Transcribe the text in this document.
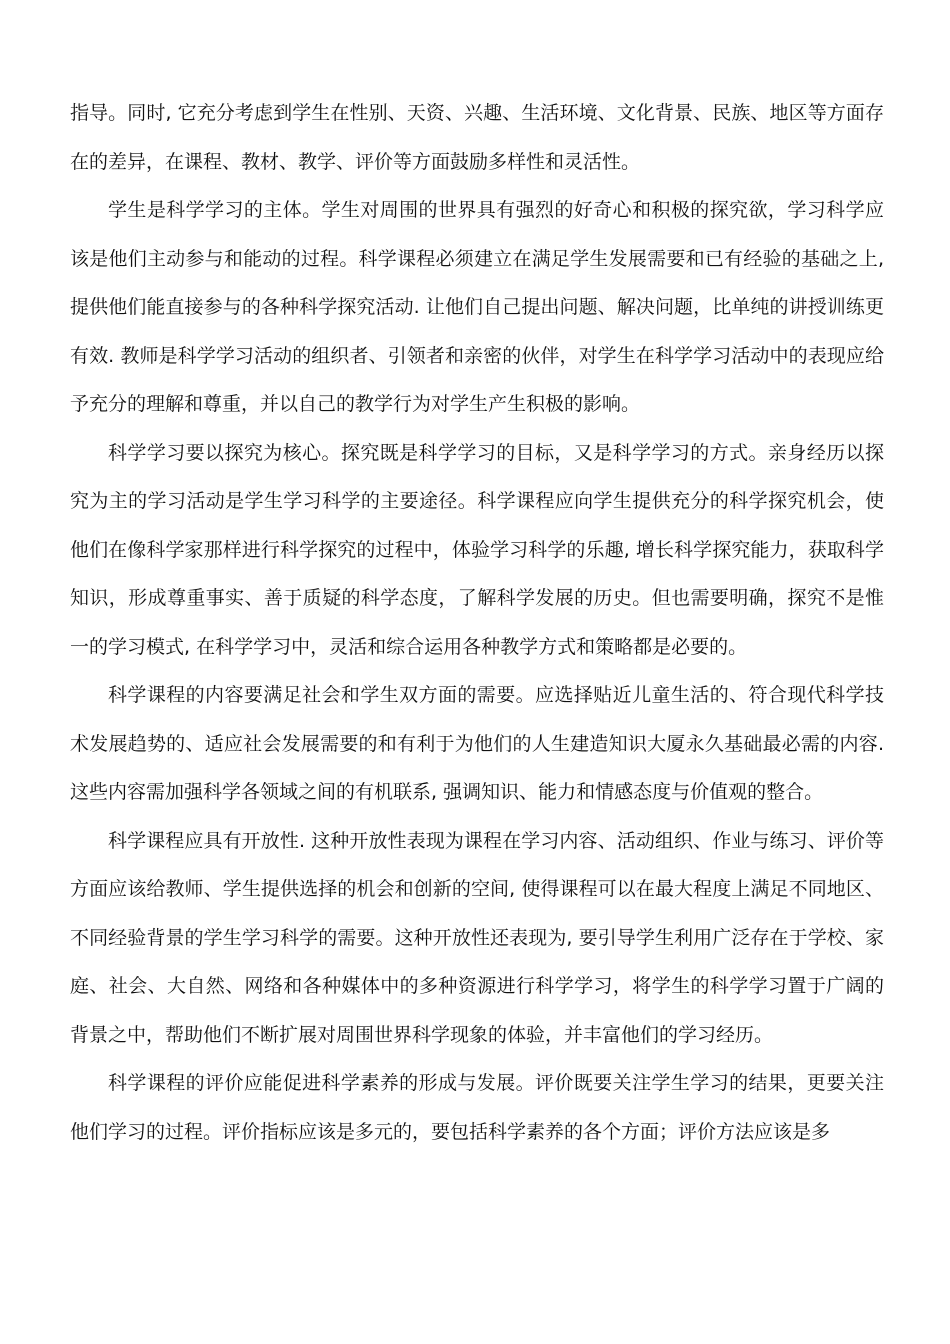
指导。同时, 它充分考虑到学生在性别、天资、兴趣、生活环境、文化背景、民族、地区等方面存在的差异，在课程、教材、教学、评价等方面鼓励多样性和灵活性。

学生是科学学习的主体。学生对周围的世界具有强烈的好奇心和积极的探究欲，学习科学应该是他们主动参与和能动的过程。科学课程必须建立在满足学生发展需要和已有经验的基础之上, 提供他们能直接参与的各种科学探究活动. 让他们自己提出问题、解决问题，比单纯的讲授训练更有效. 教师是科学学习活动的组织者、引领者和亲密的伙伴，对学生在科学学习活动中的表现应给予充分的理解和尊重，并以自己的教学行为对学生产生积极的影响。

科学学习要以探究为核心。探究既是科学学习的目标，又是科学学习的方式。亲身经历以探究为主的学习活动是学生学习科学的主要途径。科学课程应向学生提供充分的科学探究机会，使他们在像科学家那样进行科学探究的过程中，体验学习科学的乐趣, 增长科学探究能力，获取科学知识，形成尊重事实、善于质疑的科学态度，了解科学发展的历史。但也需要明确，探究不是惟一的学习模式, 在科学学习中，灵活和综合运用各种教学方式和策略都是必要的。

科学课程的内容要满足社会和学生双方面的需要。应选择贴近儿童生活的、符合现代科学技术发展趋势的、适应社会发展需要的和有利于为他们的人生建造知识大厦永久基础最必需的内容. 这些内容需加强科学各领域之间的有机联系, 强调知识、能力和情感态度与价值观的整合。

科学课程应具有开放性. 这种开放性表现为课程在学习内容、活动组织、作业与练习、评价等方面应该给教师、学生提供选择的机会和创新的空间, 使得课程可以在最大程度上满足不同地区、不同经验背景的学生学习科学的需要。这种开放性还表现为, 要引导学生利用广泛存在于学校、家庭、社会、大自然、网络和各种媒体中的多种资源进行科学学习，将学生的科学学习置于广阔的背景之中，帮助他们不断扩展对周围世界科学现象的体验，并丰富他们的学习经历。

科学课程的评价应能促进科学素养的形成与发展。评价既要关注学生学习的结果，更要关注他们学习的过程。评价指标应该是多元的，要包括科学素养的各个方面；评价方法应该是多
